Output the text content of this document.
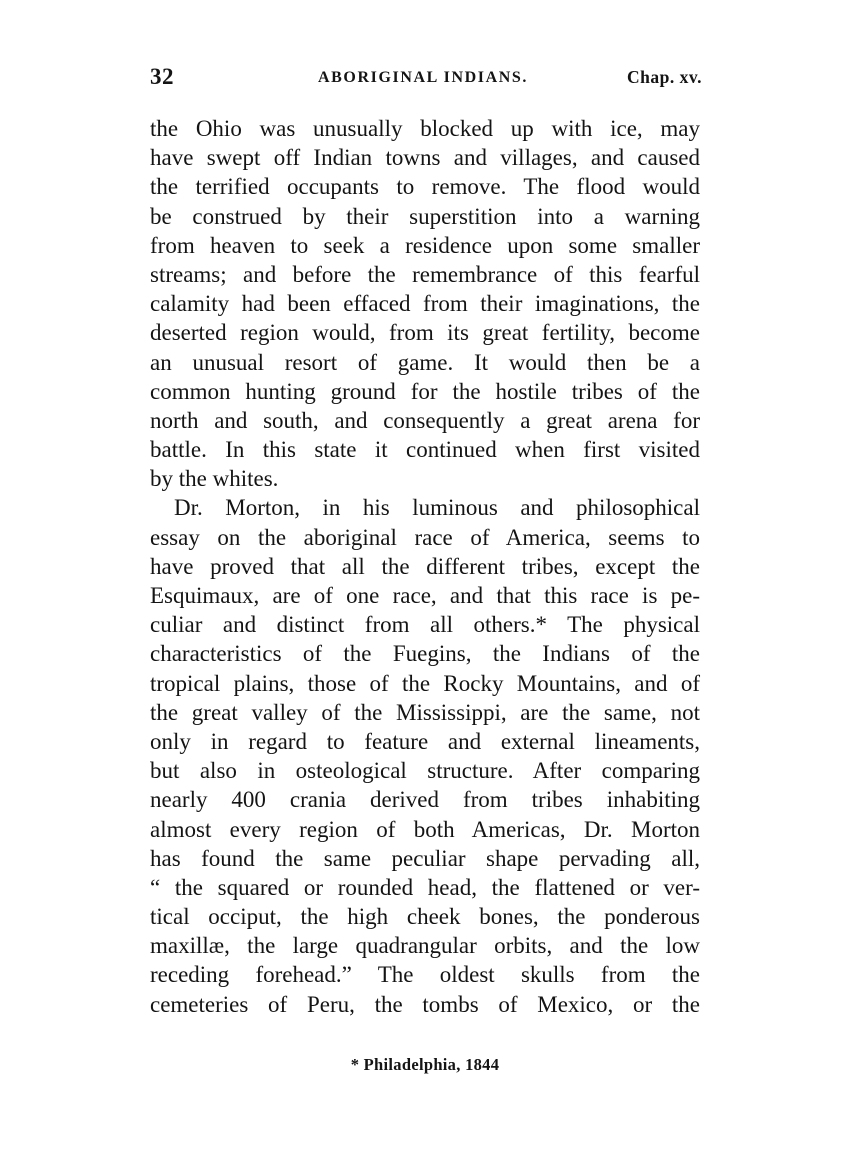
32	ABORIGINAL INDIANS.	Chap. xv.
the Ohio was unusually blocked up with ice, may
have swept off Indian towns and villages, and caused
the terrified occupants to remove. The flood would
be construed by their superstition into a warning
from heaven to seek a residence upon some smaller
streams; and before the remembrance of this fearful
calamity had been effaced from their imaginations, the
deserted region would, from its great fertility, become
an unusual resort of game. It would then be a
common hunting ground for the hostile tribes of the
north and south, and consequently a great arena for
battle. In this state it continued when first visited
by the whites.
Dr. Morton, in his luminous and philosophical
essay on the aboriginal race of America, seems to
have proved that all the different tribes, except the
Esquimaux, are of one race, and that this race is pe-
culiar and distinct from all others.* The physical
characteristics of the Fuegins, the Indians of the
tropical plains, those of the Rocky Mountains, and of
the great valley of the Mississippi, are the same, not
only in regard to feature and external lineaments,
but also in osteological structure. After comparing
nearly 400 crania derived from tribes inhabiting
almost every region of both Americas, Dr. Morton
has found the same peculiar shape pervading all,
“ the squared or rounded head, the flattened or ver-
tical occiput, the high cheek bones, the ponderous
maxillæ, the large quadrangular orbits, and the low
receding forehead.” The oldest skulls from the
cemeteries of Peru, the tombs of Mexico, or the
* Philadelphia, 1844
